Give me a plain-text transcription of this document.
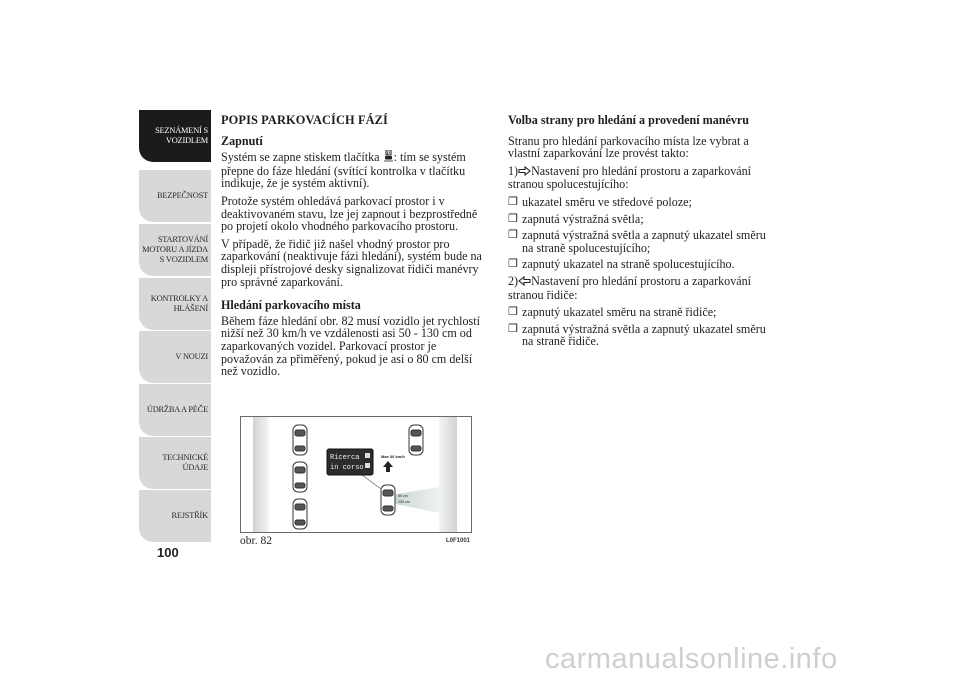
SEZNÁMENÍ S
VOZIDLEM
BEZPEČNOST
STARTOVÁNÍ
MOTORU A JÍZDA
S VOZIDLEM
KONTROLKY A
HLÁŠENÍ
V NOUZI
ÚDRŽBA A PÉČE
TECHNICKÉ
ÚDAJE
REJSTŘÍK
100
POPIS PARKOVACÍCH FÁZÍ
Zapnutí

Systém se zapne stiskem tlačítka P : tím se systém přepne do fáze hledání (svítící kontrolka v tlačítku indikuje, že je systém aktivní).

Protože systém ohledává parkovací prostor i v deaktivovaném stavu, lze jej zapnout i bezprostředně po projetí okolo vhodného parkovacího prostoru.

V případě, že řidič již našel vhodný prostor pro zaparkování (neaktivuje fázi hledání), systém bude na displeji přístrojové desky signalizovat řidiči manévry pro správné zaparkování.

Hledání parkovacího místa

Během fáze hledání obr. 82 musí vozidlo jet rychlostí nižší než 30 km/h ve vzdálenosti asi 50 - 130 cm od zaparkovaných vozidel. Parkovací prostor je považován za přiměřený, pokud je asi o 80 cm delší než vozidlo.

Volba strany pro hledání a provedení manévru

Stranu pro hledání parkovacího místa lze vybrat a vlastní zaparkování lze provést takto:

1) Nastavení pro hledání prostoru a zaparkování stranou spolucestujícího:

❒ ukazatel směru ve středové poloze;
❒ zapnutá výstražná světla;
❒ zapnutá výstražná světla a zapnutý ukazatel směru na straně spolucestujícího;
❒ zapnutý ukazatel na straně spolucestujícího.

2) Nastavení pro hledání prostoru a zaparkování stranou řidiče:

❒ zapnutý ukazatel směru na straně řidiče;
❒ zapnutá výstražná světla a zapnutý ukazatel směru na straně řidiče.
Ricerca
in corso
Max 30 km/h
50 cm
130 cm
obr. 82	L0F1001
carmanualsonline.info
